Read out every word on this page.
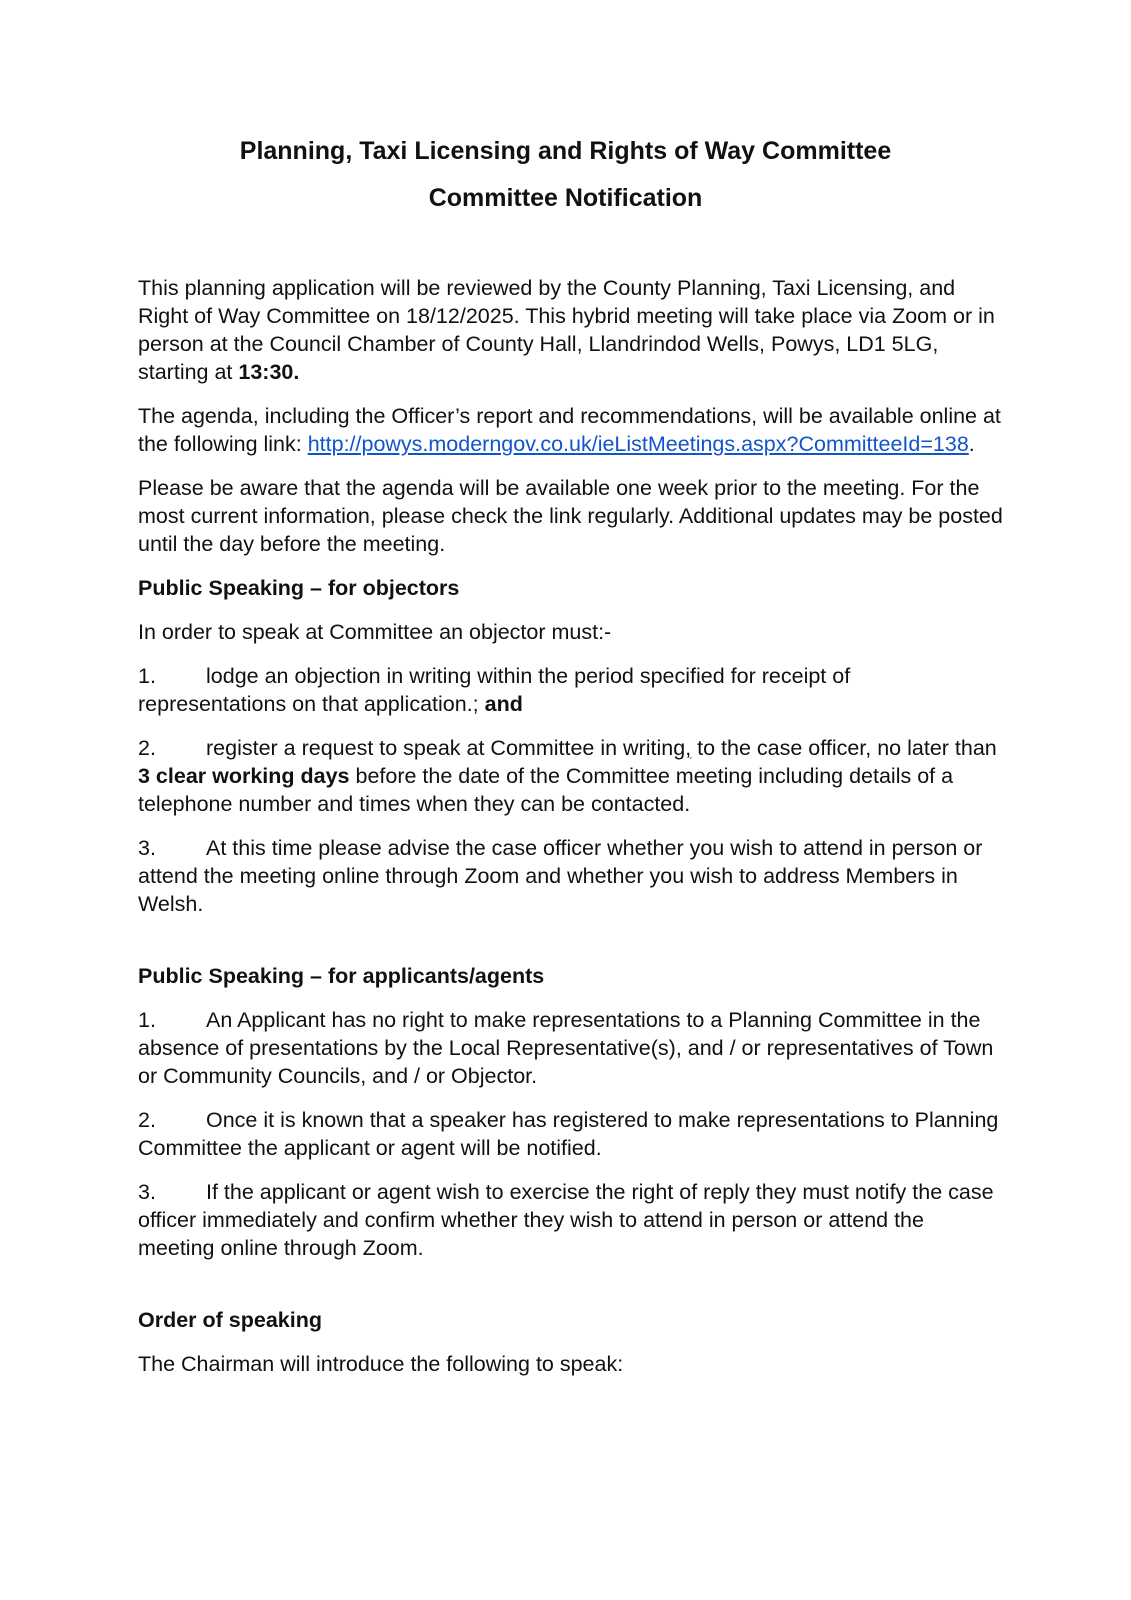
Planning, Taxi Licensing and Rights of Way Committee
Committee Notification

This planning application will be reviewed by the County Planning, Taxi Licensing, and Right of Way Committee on 18/12/2025. This hybrid meeting will take place via Zoom or in person at the Council Chamber of County Hall, Llandrindod Wells, Powys, LD1 5LG, starting at 13:30.

The agenda, including the Officer’s report and recommendations, will be available online at the following link: http://powys.moderngov.co.uk/ieListMeetings.aspx?CommitteeId=138.

Please be aware that the agenda will be available one week prior to the meeting. For the most current information, please check the link regularly. Additional updates may be posted until the day before the meeting.

Public Speaking – for objectors

In order to speak at Committee an objector must:-

1. lodge an objection in writing within the period specified for receipt of representations on that application.; and

2. register a request to speak at Committee in writing, to the case officer, no later than 3 clear working days before the date of the Committee meeting including details of a telephone number and times when they can be contacted.

3. At this time please advise the case officer whether you wish to attend in person or attend the meeting online through Zoom and whether you wish to address Members in Welsh.

Public Speaking – for applicants/agents

1. An Applicant has no right to make representations to a Planning Committee in the absence of presentations by the Local Representative(s), and / or representatives of Town or Community Councils, and / or Objector.

2. Once it is known that a speaker has registered to make representations to Planning Committee the applicant or agent will be notified.

3. If the applicant or agent wish to exercise the right of reply they must notify the case officer immediately and confirm whether they wish to attend in person or attend the meeting online through Zoom.

Order of speaking

The Chairman will introduce the following to speak:
